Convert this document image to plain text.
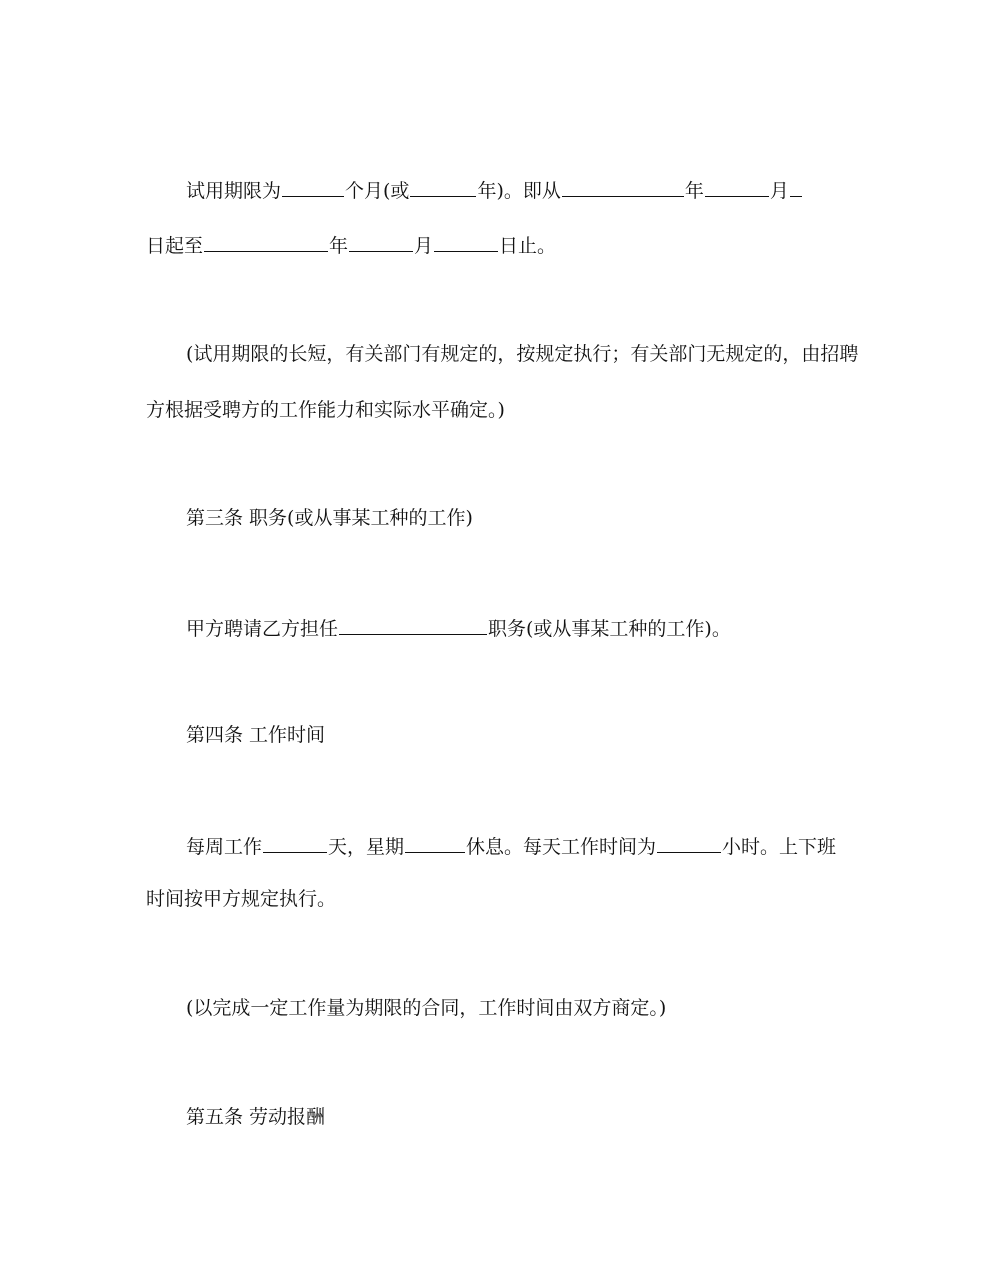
试用期限为	个月(或	年)。即从	年	月
日起至	年	月	日止。
(试用期限的长短，有关部门有规定的，按规定执行；有关部门无规定的，由招聘
方根据受聘方的工作能力和实际水平确定。)
第三条 职务(或从事某工种的工作)
甲方聘请乙方担任	职务(或从事某工种的工作)。
第四条 工作时间
每周工作	天，星期	休息。每天工作时间为	小时。上下班
时间按甲方规定执行。
(以完成一定工作量为期限的合同，工作时间由双方商定。)
第五条 劳动报酬
